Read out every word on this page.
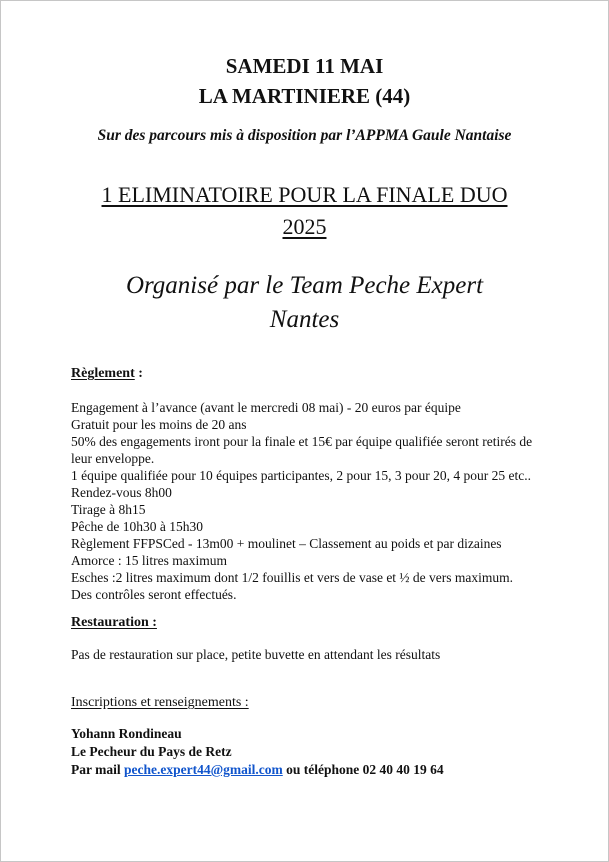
SAMEDI 11 MAI
LA MARTINIERE (44)
Sur des parcours mis à disposition par l’APPMA Gaule Nantaise
1 ELIMINATOIRE POUR LA FINALE DUO
2025
Organisé par le Team Peche Expert
Nantes
Règlement :
Engagement à l’avance (avant le mercredi 08 mai) - 20 euros par équipe
Gratuit pour les moins de 20 ans
50% des engagements iront pour la finale et 15€ par équipe qualifiée seront retirés de
leur enveloppe.
1 équipe qualifiée pour 10 équipes participantes, 2 pour 15, 3 pour 20, 4 pour 25 etc..
Rendez-vous 8h00
Tirage à 8h15
Pêche de 10h30 à 15h30
Règlement FFPSCed - 13m00 + moulinet – Classement au poids et par dizaines
Amorce : 15 litres maximum
Esches :2 litres maximum dont 1/2 fouillis et vers de vase et ½ de vers maximum.
Des contrôles seront effectués.
Restauration :
Pas de restauration sur place, petite buvette en attendant les résultats
Inscriptions et renseignements :
Yohann Rondineau
Le Pecheur du Pays de Retz
Par mail peche.expert44@gmail.com ou téléphone 02 40 40 19 64
